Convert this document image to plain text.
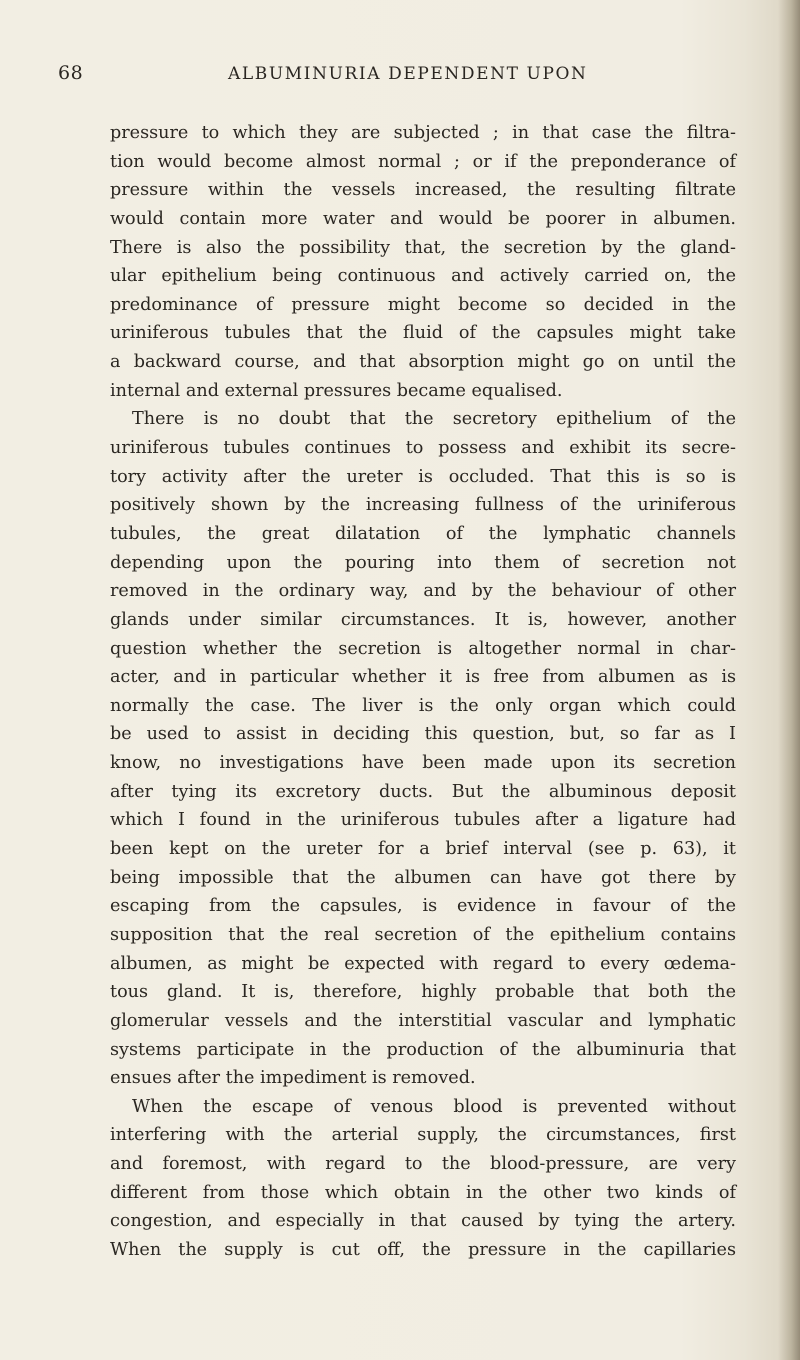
68	ALBUMINURIA DEPENDENT UPON
pressure to which they are subjected ; in that case the filtra-
tion would become almost normal ; or if the preponderance of
pressure within the vessels increased, the resulting filtrate
would contain more water and would be poorer in albumen.
There is also the possibility that, the secretion by the gland-
ular epithelium being continuous and actively carried on, the
predominance of pressure might become so decided in the
uriniferous tubules that the fluid of the capsules might take
a backward course, and that absorption might go on until the
internal and external pressures became equalised.
There is no doubt that the secretory epithelium of the
uriniferous tubules continues to possess and exhibit its secre-
tory activity after the ureter is occluded. That this is so is
positively shown by the increasing fullness of the uriniferous
tubules, the great dilatation of the lymphatic channels
depending upon the pouring into them of secretion not
removed in the ordinary way, and by the behaviour of other
glands under similar circumstances. It is, however, another
question whether the secretion is altogether normal in char-
acter, and in particular whether it is free from albumen as is
normally the case. The liver is the only organ which could
be used to assist in deciding this question, but, so far as I
know, no investigations have been made upon its secretion
after tying its excretory ducts. But the albuminous deposit
which I found in the uriniferous tubules after a ligature had
been kept on the ureter for a brief interval (see p. 63), it
being impossible that the albumen can have got there by
escaping from the capsules, is evidence in favour of the
supposition that the real secretion of the epithelium contains
albumen, as might be expected with regard to every œdema-
tous gland. It is, therefore, highly probable that both the
glomerular vessels and the interstitial vascular and lymphatic
systems participate in the production of the albuminuria that
ensues after the impediment is removed.
When the escape of venous blood is prevented without
interfering with the arterial supply, the circumstances, first
and foremost, with regard to the blood-pressure, are very
different from those which obtain in the other two kinds of
congestion, and especially in that caused by tying the artery.
When the supply is cut off, the pressure in the capillaries
